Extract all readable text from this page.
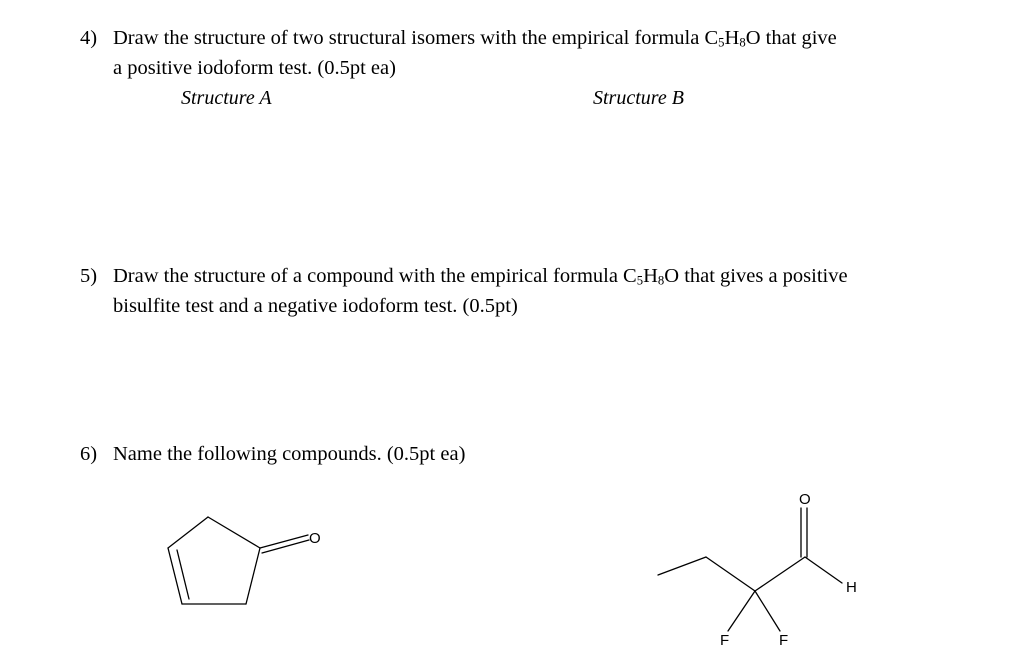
4) Draw the structure of two structural isomers with the empirical formula $C_5H_8O$ that give
a positive iodoform test. (0.5pt ea)
Structure A	Structure B
5) Draw the structure of a compound with the empirical formula $C_5H_8O$ that gives a positive
bisulfite test and a negative iodoform test. (0.5pt)
6) Name the following compounds. (0.5pt ea)
O
O
H
F	F
